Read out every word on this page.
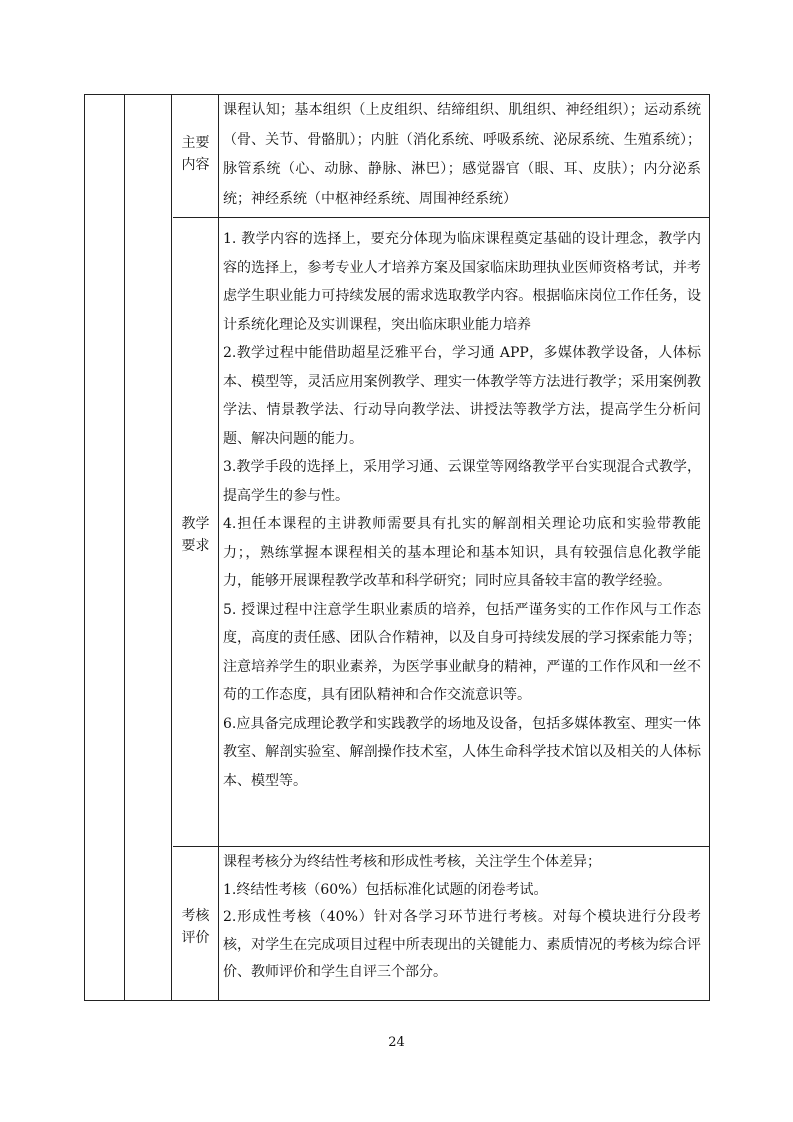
主要
内容
教学
要求
考核
评价

课程认知；基本组织（上皮组织、结缔组织、肌组织、神经组织）；运动系统（骨、关节、骨骼肌）；内脏（消化系统、呼吸系统、泌尿系统、生殖系统）；脉管系统（心、动脉、静脉、淋巴）；感觉器官（眼、耳、皮肤）；内分泌系统；神经系统（中枢神经系统、周围神经系统）

1. 教学内容的选择上，要充分体现为临床课程奠定基础的设计理念，教学内容的选择上，参考专业人才培养方案及国家临床助理执业医师资格考试，并考虑学生职业能力可持续发展的需求选取教学内容。根据临床岗位工作任务，设计系统化理论及实训课程，突出临床职业能力培养

2.教学过程中能借助超星泛雅平台，学习通 APP，多媒体教学设备，人体标本、模型等，灵活应用案例教学、理实一体教学等方法进行教学；采用案例教学法、情景教学法、行动导向教学法、讲授法等教学方法，提高学生分析问题、解决问题的能力。

3.教学手段的选择上，采用学习通、云课堂等网络教学平台实现混合式教学，提高学生的参与性。

4.担任本课程的主讲教师需要具有扎实的解剖相关理论功底和实验带教能力；，熟练掌握本课程相关的基本理论和基本知识，具有较强信息化教学能力，能够开展课程教学改革和科学研究；同时应具备较丰富的教学经验。

5. 授课过程中注意学生职业素质的培养，包括严谨务实的工作作风与工作态度，高度的责任感、团队合作精神，以及自身可持续发展的学习探索能力等；注意培养学生的职业素养，为医学事业献身的精神，严谨的工作作风和一丝不苟的工作态度，具有团队精神和合作交流意识等。

6.应具备完成理论教学和实践教学的场地及设备，包括多媒体教室、理实一体教室、解剖实验室、解剖操作技术室，人体生命科学技术馆以及相关的人体标本、模型等。

课程考核分为终结性考核和形成性考核，关注学生个体差异；

1.终结性考核（60%）包括标准化试题的闭卷考试。

2.形成性考核（40%）针对各学习环节进行考核。对每个模块进行分段考核，对学生在完成项目过程中所表现出的关键能力、素质情况的考核为综合评价、教师评价和学生自评三个部分。

24
